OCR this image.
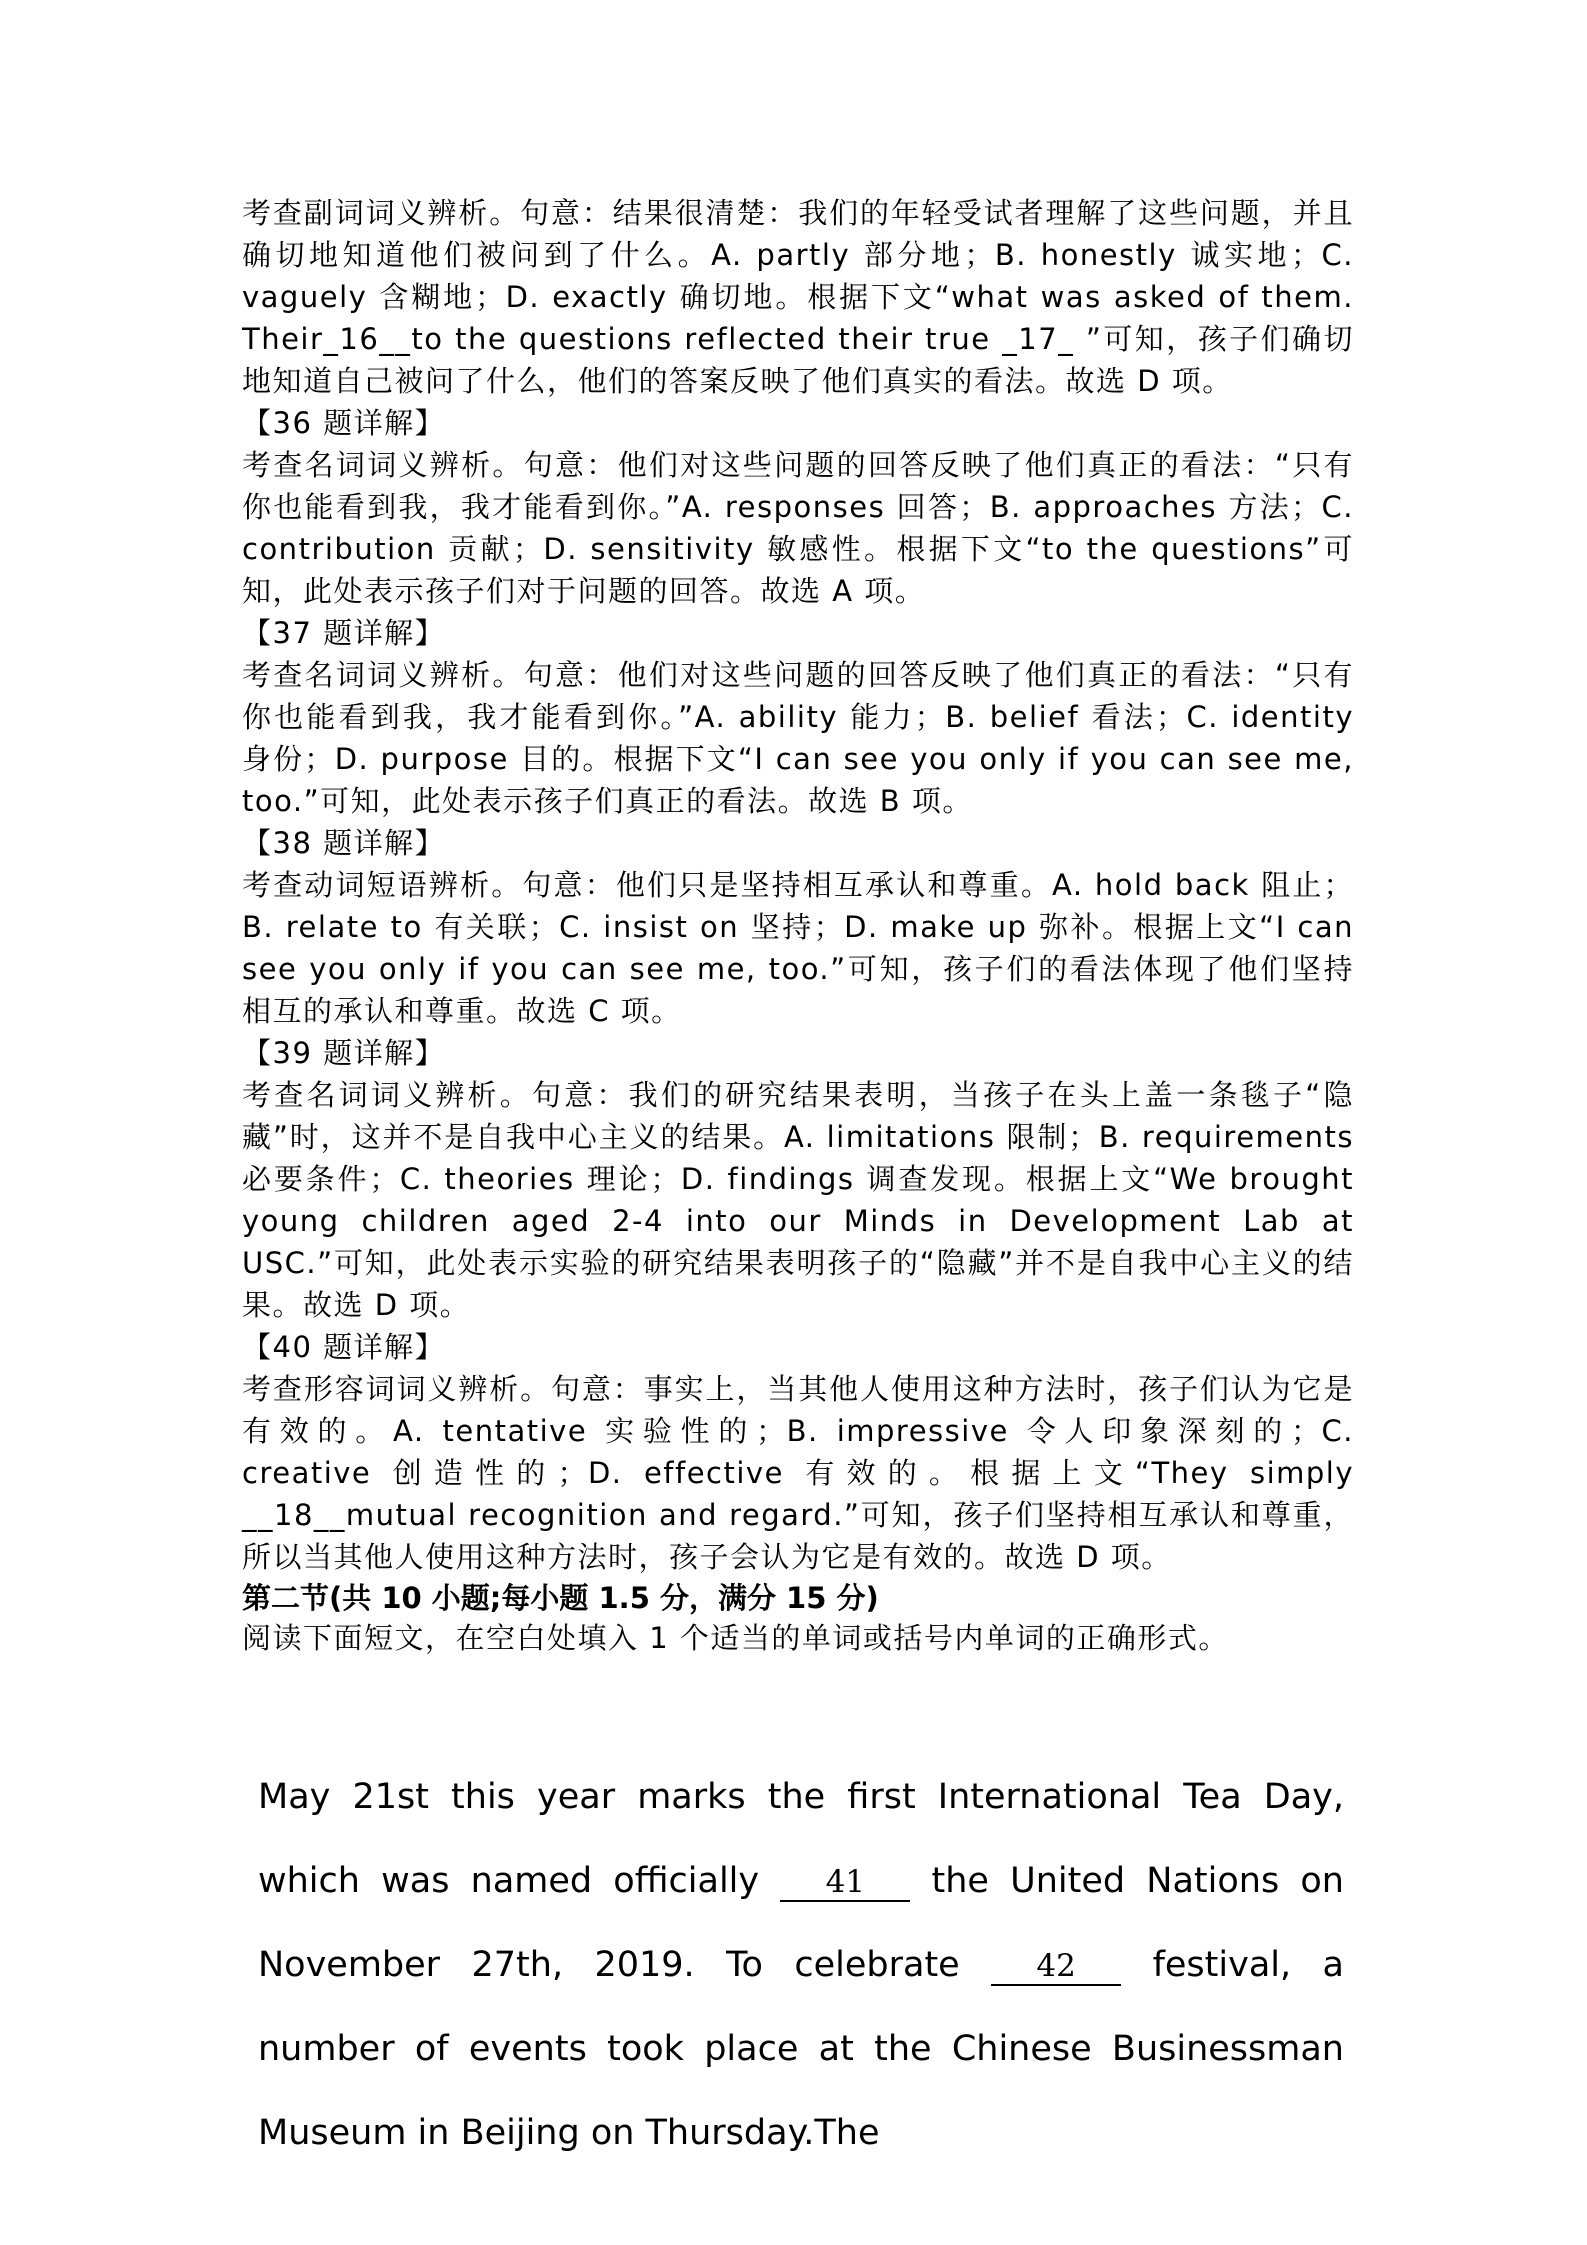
考查副词词义辨析。句意：结果很清楚：我们的年轻受试者理解了这些问题，并且确切地知道他们被问到了什么。A. partly 部分地；B. honestly 诚实地；C. vaguely 含糊地；D. exactly 确切地。根据下文“what was asked of them. Their_16__to the questions reflected their true _17_ ”可知，孩子们确切地知道自己被问了什么，他们的答案反映了他们真实的看法。故选 D 项。

【36 题详解】

考查名词词义辨析。句意：他们对这些问题的回答反映了他们真正的看法：“只有你也能看到我，我才能看到你。”A. responses 回答；B. approaches 方法；C. contribution 贡献；D. sensitivity 敏感性。根据下文“to the questions”可知，此处表示孩子们对于问题的回答。故选 A 项。

【37 题详解】

考查名词词义辨析。句意：他们对这些问题的回答反映了他们真正的看法：“只有你也能看到我，我才能看到你。”A. ability 能力；B. belief 看法；C. identity 身份；D. purpose 目的。根据下文“I can see you only if you can see me, too.”可知，此处表示孩子们真正的看法。故选 B 项。

【38 题详解】

考查动词短语辨析。句意：他们只是坚持相互承认和尊重。A. hold back 阻止；B. relate to 有关联；C. insist on 坚持；D. make up 弥补。根据上文“I can see you only if you can see me, too.”可知，孩子们的看法体现了他们坚持相互的承认和尊重。故选 C 项。

【39 题详解】

考查名词词义辨析。句意：我们的研究结果表明，当孩子在头上盖一条毯子“隐藏”时，这并不是自我中心主义的结果。A. limitations 限制；B. requirements 必要条件；C. theories 理论；D. findings 调查发现。根据上文“We brought young children aged 2-4 into our Minds in Development Lab at USC.”可知，此处表示实验的研究结果表明孩子的“隐藏”并不是自我中心主义的结果。故选 D 项。

【40 题详解】

考查形容词词义辨析。句意：事实上，当其他人使用这种方法时，孩子们认为它是有效的。A. tentative 实验性的；B. impressive 令人印象深刻的；C. creative 创造性的；D. effective 有效的。根据上文“They simply __18__mutual recognition and regard.”可知，孩子们坚持相互承认和尊重，所以当其他人使用这种方法时，孩子会认为它是有效的。故选 D 项。

第二节(共 10 小题;每小题 1.5 分，满分 15 分)

阅读下面短文，在空白处填入 1 个适当的单词或括号内单词的正确形式。

May 21st this year marks the first International Tea Day, which was named officially 41 the United Nations on November 27th, 2019. To celebrate 42 festival, a number of events took place at the Chinese Businessman Museum in Beijing on Thursday.The
